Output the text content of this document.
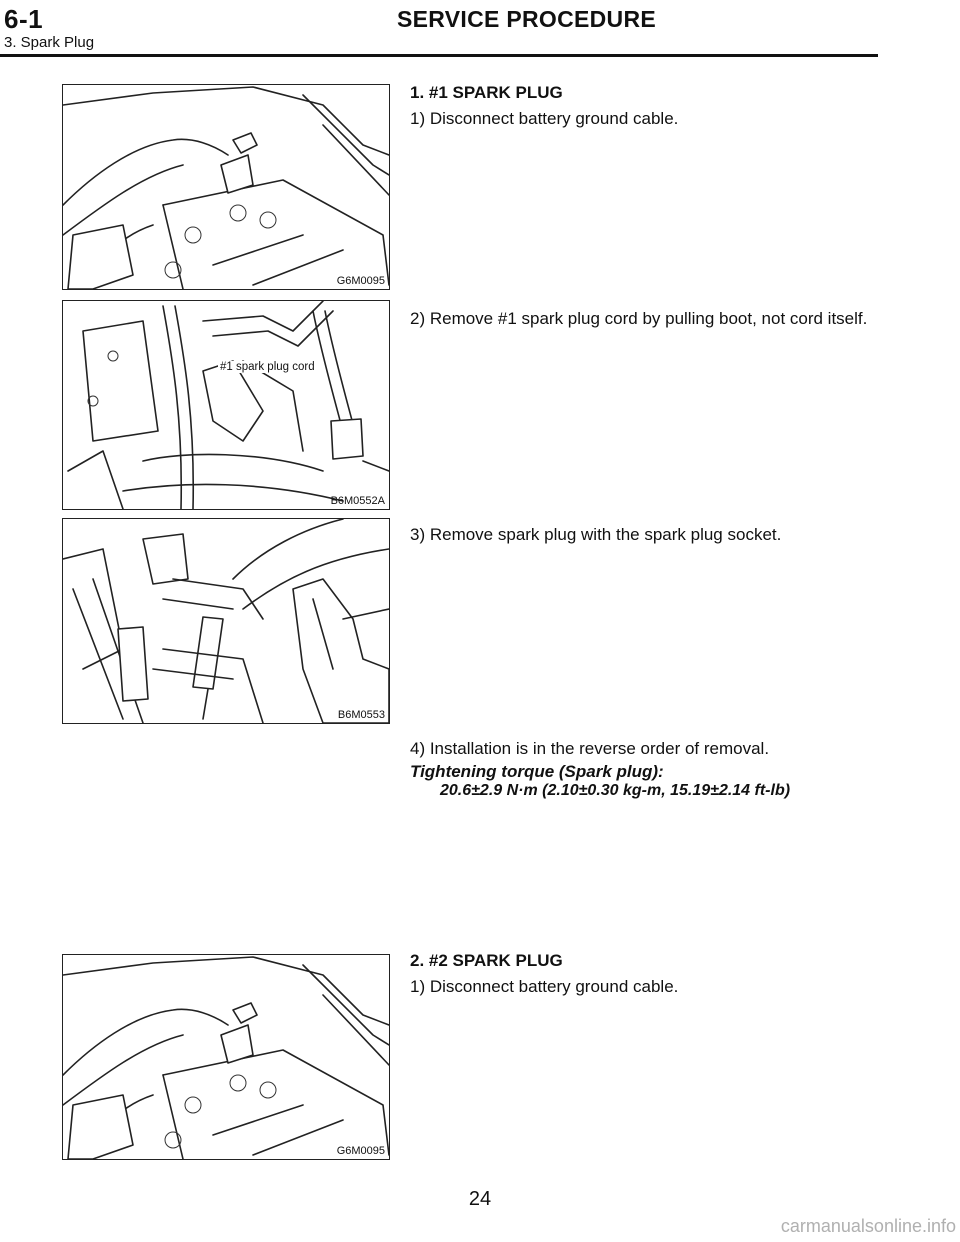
6-1	SERVICE PROCEDURE
3. Spark Plug
G6M0095
#1 spark plug cord
B6M0552A
B6M0553
G6M0095
1. #1 SPARK PLUG
1) Disconnect battery ground cable.
2) Remove #1 spark plug cord by pulling boot, not cord itself.
3) Remove spark plug with the spark plug socket.
4) Installation is in the reverse order of removal.
Tightening torque (Spark plug):
20.6±2.9 N·m (2.10±0.30 kg-m, 15.19±2.14 ft-lb)
2. #2 SPARK PLUG
1) Disconnect battery ground cable.
24
carmanualsonline.info
